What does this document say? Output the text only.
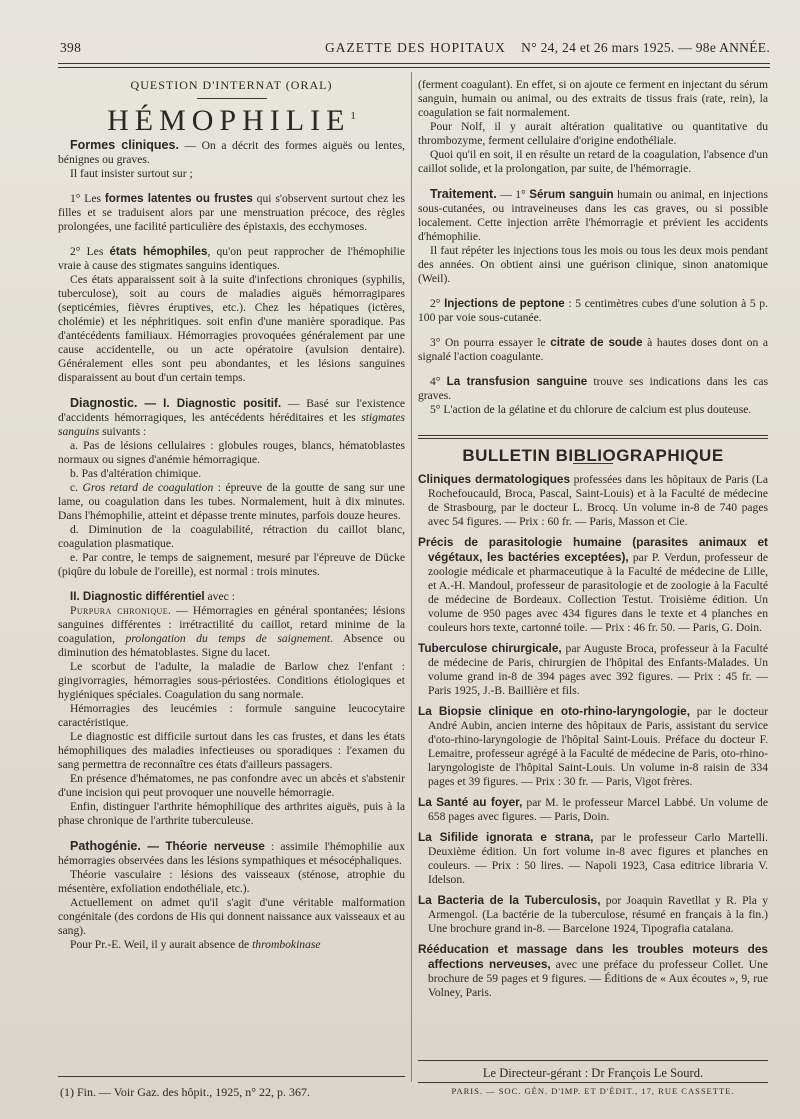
398	GAZETTE DES HOPITAUX N° 24, 24 et 26 mars 1925. — 98e ANNÉE.

QUESTION D'INTERNAT (ORAL)

HÉMOPHILIE$^1$

Formes cliniques. — On a décrit des formes aiguës ou lentes, bénignes ou graves.

Il faut insister surtout sur ;

1° Les formes latentes ou frustes qui s'observent surtout chez les filles et se traduisent alors par une menstruation précoce, des règles prolongées, une facilité particulière des épistaxis, des ecchymoses.

2° Les états hémophiles, qu'on peut rapprocher de l'hémophilie vraie à cause des stigmates sanguins identiques.

Ces états apparaissent soit à la suite d'infections chroniques (syphilis, tuberculose), soit au cours de maladies aiguës hémorragipares (septicémies, fièvres éruptives, etc.). Chez les hépatiques (ictères, cholémie) et les néphritiques. soit enfin d'une manière sporadique. Pas d'antécédents familiaux. Hémorragies provoquées généralement par une cause accidentelle, ou un acte opératoire (avulsion dentaire). Généralement elles sont peu abondantes, et les lésions sanguines disparaissent au bout d'un certain temps.

Diagnostic. — I. Diagnostic positif. — Basé sur l'existence d'accidents hémorragiques, les antécédents héréditaires et les stigmates sanguins suivants :

a. Pas de lésions cellulaires : globules rouges, blancs, hématoblastes normaux ou signes d'anémie hémorragique.

b. Pas d'altération chimique.

c. Gros retard de coagulation : épreuve de la goutte de sang sur une lame, ou coagulation dans les tubes. Normalement, huit à dix minutes. Dans l'hémophilie, atteint et dépasse trente minutes, parfois douze heures.

d. Diminution de la coagulabilité, rétraction du caillot blanc, coagulation plasmatique.

e. Par contre, le temps de saignement, mesuré par l'épreuve de Dücke (piqûre du lobule de l'oreille), est normal : trois minutes.

II. Diagnostic différentiel avec :

Purpura chronique. — Hémorragies en général spontanées; lésions sanguines différentes : irrétractilité du caillot, retard minime de la coagulation, prolongation du temps de saignement. Absence ou diminution des hématoblastes. Signe du lacet.

Le scorbut de l'adulte, la maladie de Barlow chez l'enfant : gingivorragies, hémorragies sous-périostées. Conditions étiologiques et hygiéniques spéciales. Coagulation du sang normale.

Hémorragies des leucémies : formule sanguine leucocytaire caractéristique.

Le diagnostic est difficile surtout dans les cas frustes, et dans les états hémophiliques des maladies infectieuses ou sporadiques : l'examen du sang permettra de reconnaître ces états d'ailleurs passagers.

En présence d'hématomes, ne pas confondre avec un abcès et s'abstenir d'une incision qui peut provoquer une nouvelle hémorragie.

Enfin, distinguer l'arthrite hémophilique des arthrites aiguës, puis à la phase chronique de l'arthrite tuberculeuse.

Pathogénie. — Théorie nerveuse : assimile l'hémophilie aux hémorragies observées dans les lésions sympathiques et mésocéphaliques.

Théorie vasculaire : lésions des vaisseaux (sténose, atrophie du mésentère, exfoliation endothéliale, etc.).

Actuellement on admet qu'il s'agit d'une véritable malformation congénitale (des cordons de His qui donnent naissance aux vaisseaux et au sang).

Pour Pr.-E. Weil, il y aurait absence de thrombokinase

(1) Fin. — Voir Gaz. des hôpit., 1925, n° 22, p. 367.

(ferment coagulant). En effet, si on ajoute ce ferment en injectant du sérum sanguin, humain ou animal, ou des extraits de tissus frais (rate, rein), la coagulation se fait normalement.

Pour Nolf, il y aurait altération qualitative ou quantitative du thrombozyme, ferment cellulaire d'origine endothéliale.

Quoi qu'il en soit, il en résulte un retard de la coagulation, l'absence d'un caillot solide, et la prolongation, par suite, de l'hémorragie.

Traitement. — 1° Sérum sanguin humain ou animal, en injections sous-cutanées, ou intraveineuses dans les cas graves, ou si possible localement. Cette injection arrête l'hémorragie et prévient les accidents d'hémophilie.

Il faut répéter les injections tous les mois ou tous les deux mois pendant des années. On obtient ainsi une guérison clinique, sinon anatomique (Weil).

2° Injections de peptone : 5 centimètres cubes d'une solution à 5 p. 100 par voie sous-cutanée.

3° On pourra essayer le citrate de soude à hautes doses dont on a signalé l'action coagulante.

4° La transfusion sanguine trouve ses indications dans les cas graves.

5° L'action de la gélatine et du chlorure de calcium est plus douteuse.

BULLETIN BIBLIOGRAPHIQUE

Cliniques dermatologiques professées dans les hôpitaux de Paris (La Rochefoucauld, Broca, Pascal, Saint-Louis) et à la Faculté de médecine de Strasbourg, par le docteur L. Brocq. Un volume in-8 de 740 pages avec 54 figures. — Prix : 60 fr. — Paris, Masson et Cie.

Précis de parasitologie humaine (parasites animaux et végétaux, les bactéries exceptées), par P. Verdun, professeur de zoologie médicale et pharmaceutique à la Faculté de médecine de Lille, et A.-H. Mandoul, professeur de parasitologie et de zoologie à la Faculté de médecine de Bordeaux. Collection Testut. Troisième édition. Un volume de 950 pages avec 434 figures dans le texte et 4 planches en couleurs hors texte, cartonné toile. — Prix : 46 fr. 50. — Paris, G. Doin.

Tuberculose chirurgicale, par Auguste Broca, professeur à la Faculté de médecine de Paris, chirurgien de l'hôpital des Enfants-Malades. Un volume grand in-8 de 394 pages avec 392 figures. — Prix : 45 fr. — Paris 1925, J.-B. Baillière et fils.

La Biopsie clinique en oto-rhino-laryngologie, par le docteur André Aubin, ancien interne des hôpitaux de Paris, assistant du service d'oto-rhino-laryngologie de l'hôpital Saint-Louis. Préface du docteur F. Lemaitre, professeur agrégé à la Faculté de médecine de Paris, oto-rhino-laryngologiste de l'hôpital Saint-Louis. Un volume in-8 raisin de 334 pages et 39 figures. — Prix : 30 fr. — Paris, Vigot frères.

La Santé au foyer, par M. le professeur Marcel Labbé. Un volume de 658 pages avec figures. — Paris, Doin.

La Sifilide ignorata e strana, par le professeur Carlo Martelli. Deuxième édition. Un fort volume in-8 avec figures et planches en couleurs. — Prix : 50 lires. — Napoli 1923, Casa editrice libraria V. Idelson.

La Bacteria de la Tuberculosis, por Joaquin Ravetllat y R. Pla y Armengol. (La bactérie de la tuberculose, résumé en français à la fin.) Une brochure grand in-8. — Barcelone 1924, Tipografia catalana.

Rééducation et massage dans les troubles moteurs des affections nerveuses, avec une préface du professeur Collet. Une brochure de 59 pages et 9 figures. — Éditions de « Aux écoutes », 9, rue Volney, Paris.

Le Directeur-gérant : Dr François Le Sourd.
PARIS. — SOC. GÉN. D'IMP. ET D'ÉDIT., 17, RUE CASSETTE.
